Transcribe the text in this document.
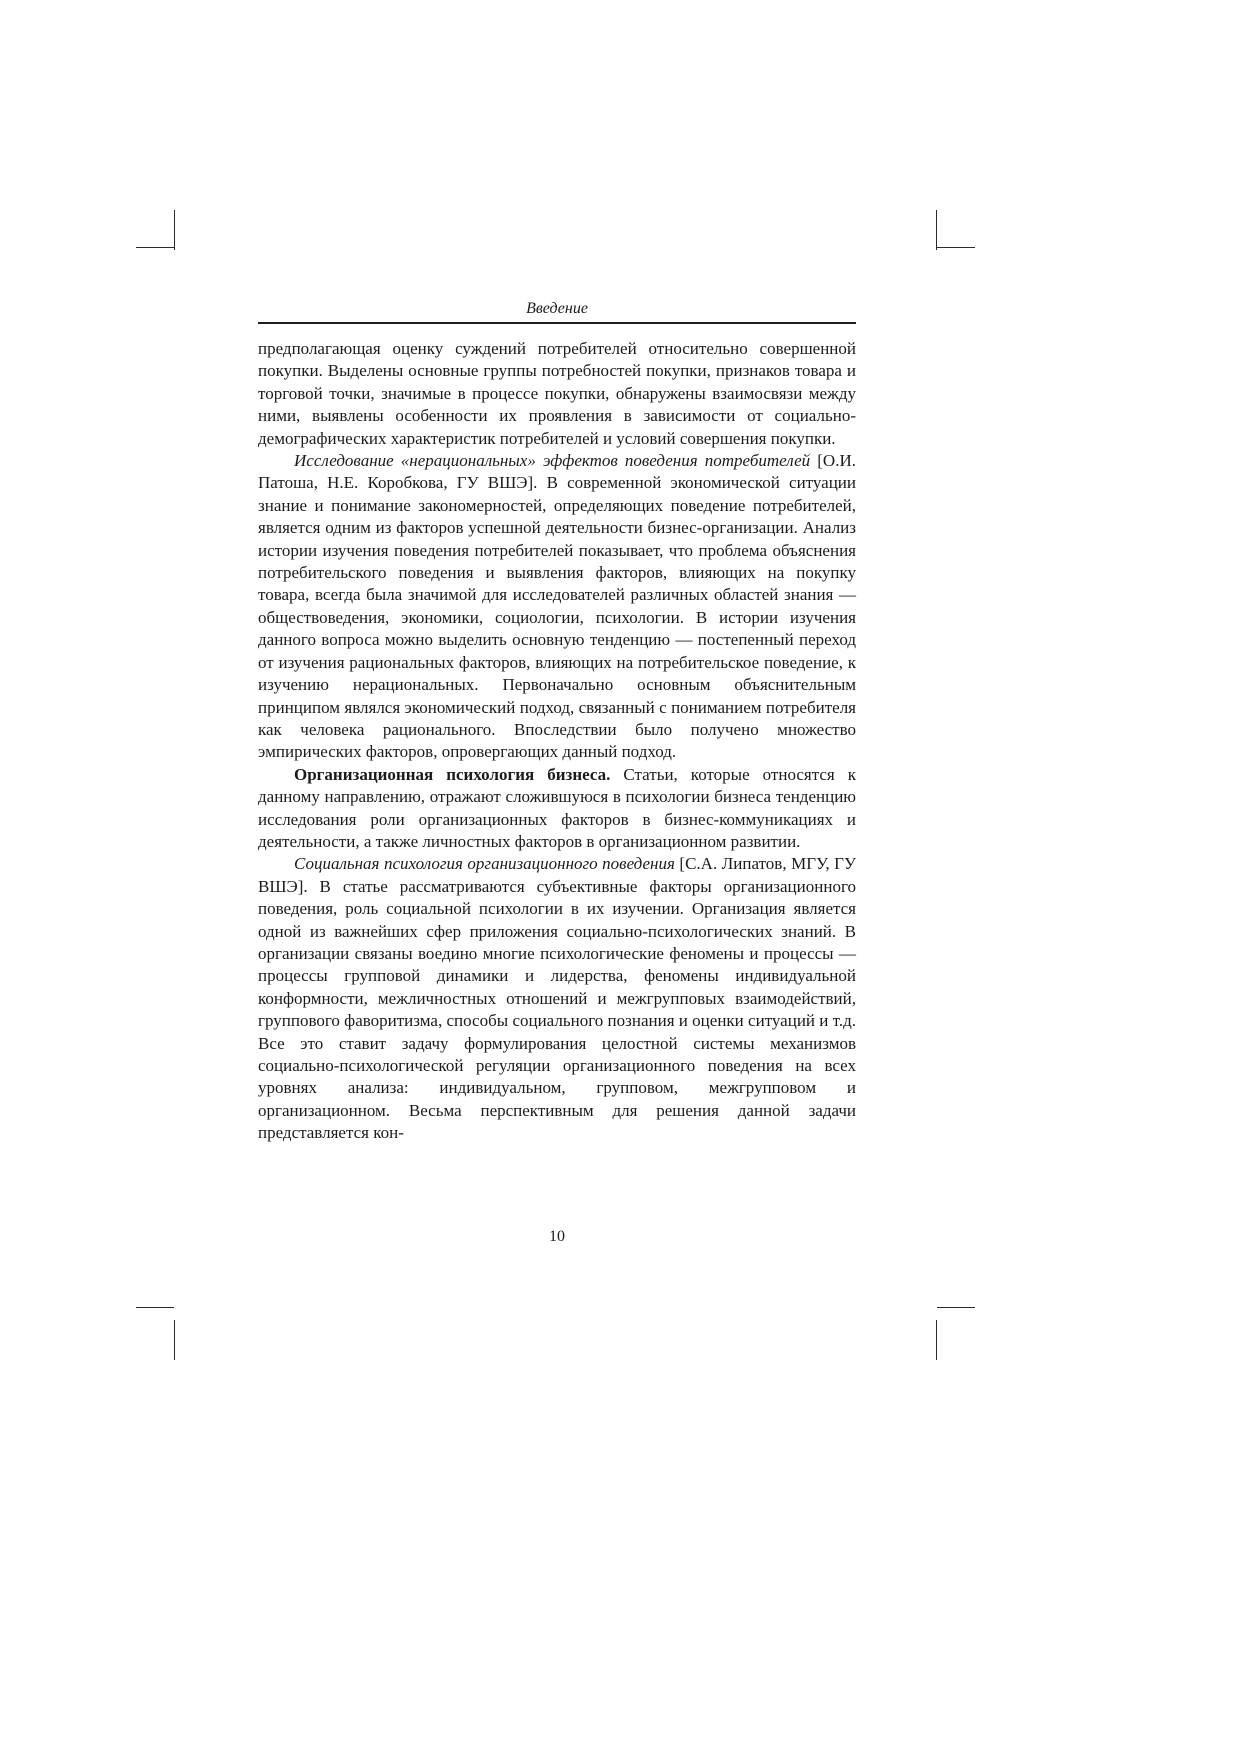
Введение

предполагающая оценку суждений потребителей относительно совершенной покупки. Выделены основные группы потребностей покупки, признаков товара и торговой точки, значимые в процессе покупки, обнаружены взаимосвязи между ними, выявлены особенности их проявления в зависимости от социально-демографических характеристик потребителей и условий совершения покупки.

Исследование «нерациональных» эффектов поведения потребителей [О.И. Патоша, Н.Е. Коробкова, ГУ ВШЭ]. В современной экономической ситуации знание и понимание закономерностей, определяющих поведение потребителей, является одним из факторов успешной деятельности бизнес-организации. Анализ истории изучения поведения потребителей показывает, что проблема объяснения потребительского поведения и выявления факторов, влияющих на покупку товара, всегда была значимой для исследователей различных областей знания — обществоведения, экономики, социологии, психологии. В истории изучения данного вопроса можно выделить основную тенденцию — постепенный переход от изучения рациональных факторов, влияющих на потребительское поведение, к изучению нерациональных. Первоначально основным объяснительным принципом являлся экономический подход, связанный с пониманием потребителя как человека рационального. Впоследствии было получено множество эмпирических факторов, опровергающих данный подход.

Организационная психология бизнеса. Статьи, которые относятся к данному направлению, отражают сложившуюся в психологии бизнеса тенденцию исследования роли организационных факторов в бизнес-коммуникациях и деятельности, а также личностных факторов в организационном развитии.

Социальная психология организационного поведения [С.А. Липатов, МГУ, ГУ ВШЭ]. В статье рассматриваются субъективные факторы организационного поведения, роль социальной психологии в их изучении. Организация является одной из важнейших сфер приложения социально-психологических знаний. В организации связаны воедино многие психологические феномены и процессы — процессы групповой динамики и лидерства, феномены индивидуальной конформности, межличностных отношений и межгрупповых взаимодействий, группового фаворитизма, способы социального познания и оценки ситуаций и т.д. Все это ставит задачу формулирования целостной системы механизмов социально-психологической регуляции организационного поведения на всех уровнях анализа: индивидуальном, групповом, межгрупповом и организационном. Весьма перспективным для решения данной задачи представляется кон-

10
